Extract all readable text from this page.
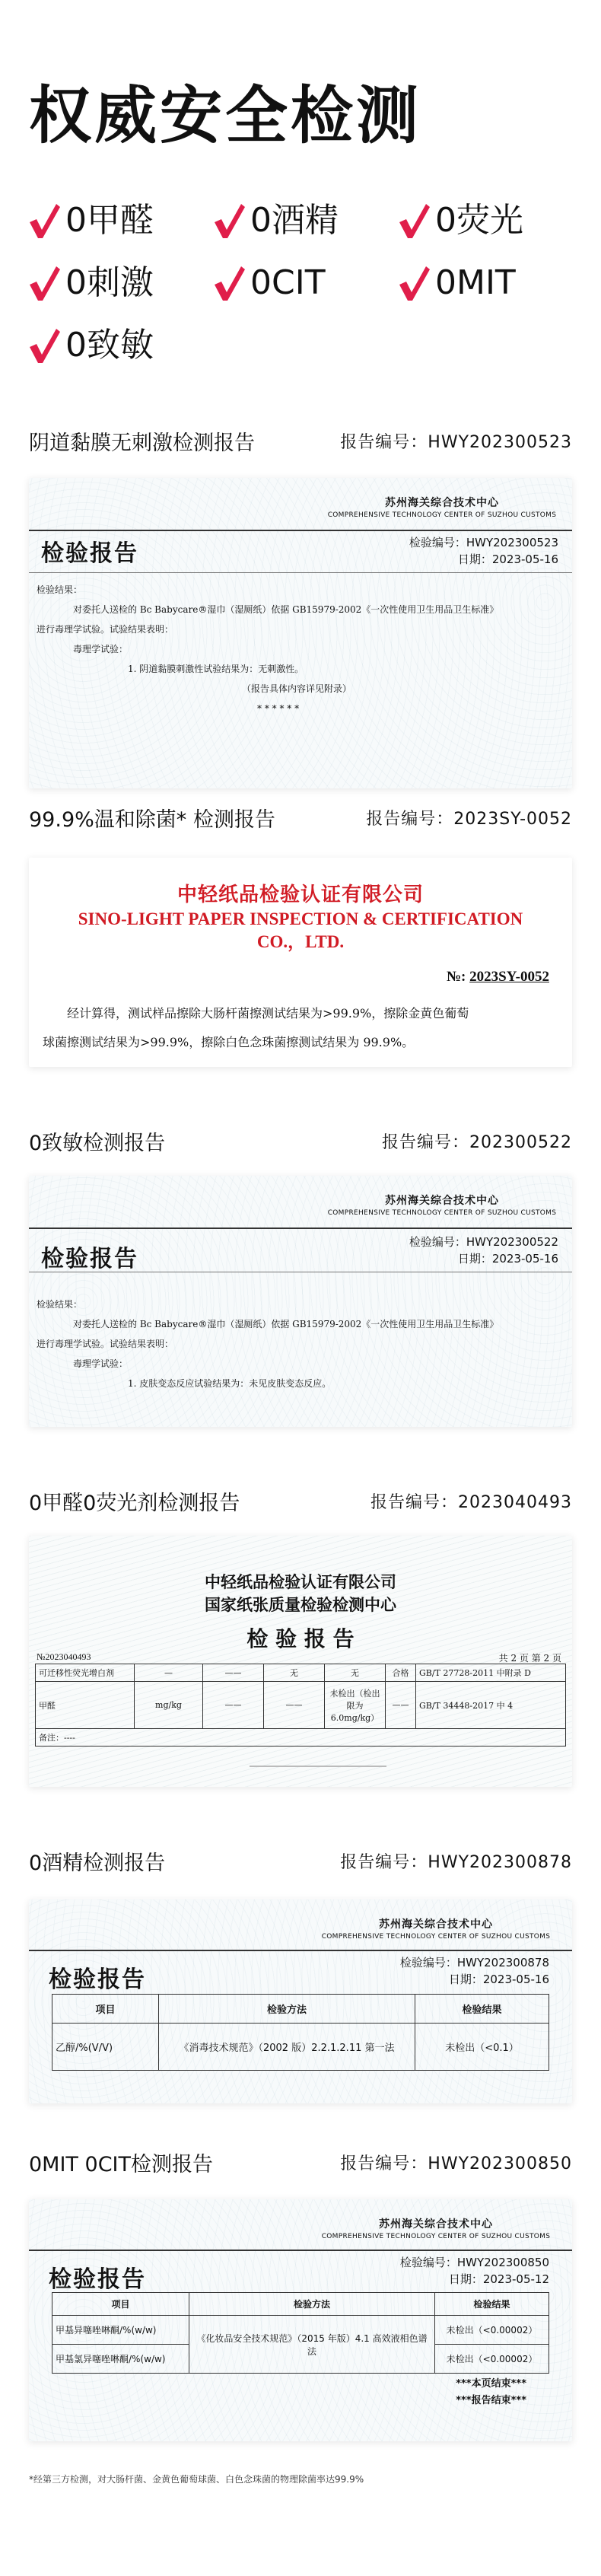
权威安全检测
0甲醛	0酒精	0荧光
0刺激	0CIT	0MIT
0致敏
阴道黏膜无刺激检测报告	报告编号：HWY202300523
苏州海关综合技术中心
COMPREHENSIVE TECHNOLOGY CENTER OF SUZHOU CUSTOMS
检验报告	检验编号：HWY202300523
日期：2023-05-16
检验结果：
对委托人送检的 Bc Babycare®湿巾（湿厕纸）依据 GB15979-2002《一次性使用卫生用品卫生标准》
进行毒理学试验。试验结果表明：
毒理学试验：
1. 阴道黏膜刺激性试验结果为：无刺激性。
（报告具体内容详见附录）
* * * * * *
99.9%温和除菌* 检测报告	报告编号：2023SY-0052
中轻纸品检验认证有限公司
SINO-LIGHT PAPER INSPECTION & CERTIFICATION
CO.，LTD.
№: 2023SY-0052
经计算得，测试样品擦除大肠杆菌擦测试结果为>99.9%，擦除金黄色葡萄
球菌擦测试结果为>99.9%，擦除白色念珠菌擦测试结果为 99.9%。
0致敏检测报告	报告编号：202300522
苏州海关综合技术中心
COMPREHENSIVE TECHNOLOGY CENTER OF SUZHOU CUSTOMS
检验报告
检验编号：HWY202300522
日期：2023-05-16
检验结果：
对委托人送检的 Bc Babycare®湿巾（湿厕纸）依据 GB15979-2002《一次性使用卫生用品卫生标准》
进行毒理学试验。试验结果表明：
毒理学试验：
1. 皮肤变态反应试验结果为：未见皮肤变态反应。
0甲醛0荧光剂检测报告	报告编号：2023040493
中轻纸品检验认证有限公司
国家纸张质量检验检测中心
检 验 报 告
№2023040493	共 2 页 第 2 页
可迁移性荧光增白剂	—	——	无	无	合格	GB/T 27728-2011 中附录 D
甲醛	mg/kg	——	——	未检出（检出限为 6.0mg/kg）	——	GB/T 34448-2017 中 4
备注：----						
0酒精检测报告	报告编号：HWY202300878
苏州海关综合技术中心
COMPREHENSIVE TECHNOLOGY CENTER OF SUZHOU CUSTOMS
检验报告
检验编号：HWY202300878
日期：2023-05-16
项目	检验方法	检验结果
乙醇/%(V/V)	《消毒技术规范》（2002 版）2.2.1.2.11 第一法	未检出（<0.1）
0MIT 0CIT检测报告	报告编号：HWY202300850
苏州海关综合技术中心
COMPREHENSIVE TECHNOLOGY CENTER OF SUZHOU CUSTOMS
检验报告
检验编号：HWY202300850
日期：2023-05-12
项目	检验方法	检验结果
甲基异噻唑啉酮/%(w/w)	《化妆品安全技术规范》（2015 年版）4.1 高效液相色谱法	未检出（<0.00002）
甲基氯异噻唑啉酮/%(w/w)		未检出（<0.00002）
***本页结束***
***报告结束***
*经第三方检测，对大肠杆菌、金黄色葡萄球菌、白色念珠菌的物理除菌率达99.9%
